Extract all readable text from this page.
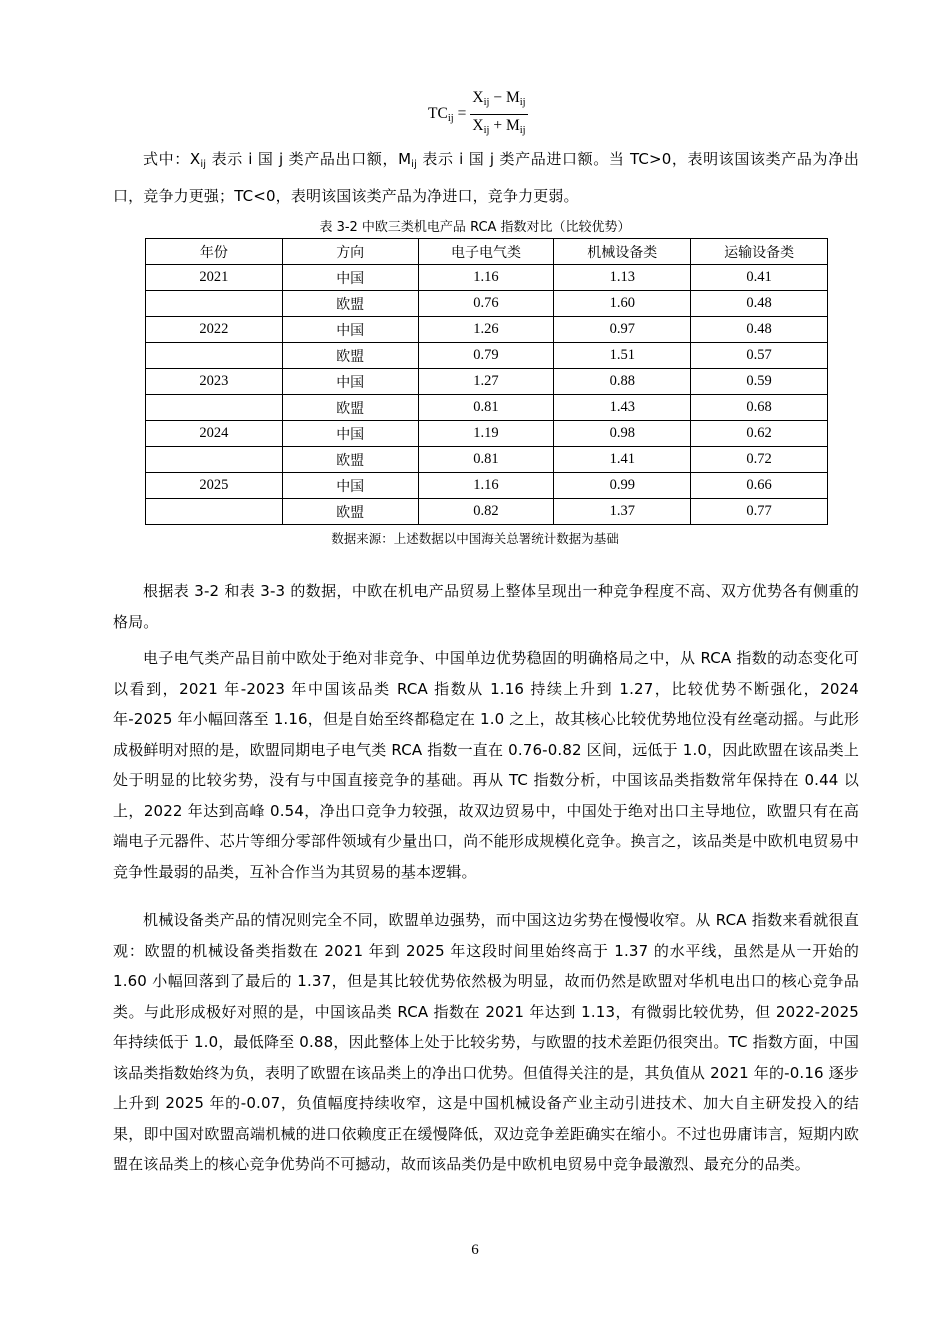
$TC_{ij} = \frac{X_{ij} - M_{ij}}{X_{ij} + M_{ij}}$
式中：$X_{ij}$ 表示 i 国 j 类产品出口额，$M_{ij}$ 表示 i 国 j 类产品进口额。当 TC>0，表明该国该类产品为净出口，竞争力更强；TC<0，表明该国该类产品为净进口，竞争力更弱。
表 3-2 中欧三类机电产品 RCA 指数对比（比较优势）
年份	方向	电子电气类	机械设备类	运输设备类
2021	中国	1.16	1.13	0.41
	欧盟	0.76	1.60	0.48
2022	中国	1.26	0.97	0.48
	欧盟	0.79	1.51	0.57
2023	中国	1.27	0.88	0.59
	欧盟	0.81	1.43	0.68
2024	中国	1.19	0.98	0.62
	欧盟	0.81	1.41	0.72
2025	中国	1.16	0.99	0.66
	欧盟	0.82	1.37	0.77
数据来源：上述数据以中国海关总署统计数据为基础
根据表 3-2 和表 3-3 的数据，中欧在机电产品贸易上整体呈现出一种竞争程度不高、双方优势各有侧重的格局。
电子电气类产品目前中欧处于绝对非竞争、中国单边优势稳固的明确格局之中，从 RCA 指数的动态变化可以看到，2021 年-2023 年中国该品类 RCA 指数从 1.16 持续上升到 1.27，比较优势不断强化，2024 年-2025 年小幅回落至 1.16，但是自始至终都稳定在 1.0 之上，故其核心比较优势地位没有丝毫动摇。与此形成极鲜明对照的是，欧盟同期电子电气类 RCA 指数一直在 0.76-0.82 区间，远低于 1.0，因此欧盟在该品类上处于明显的比较劣势，没有与中国直接竞争的基础。再从 TC 指数分析，中国该品类指数常年保持在 0.44 以上，2022 年达到高峰 0.54，净出口竞争力较强，故双边贸易中，中国处于绝对出口主导地位，欧盟只有在高端电子元器件、芯片等细分零部件领域有少量出口，尚不能形成规模化竞争。换言之，该品类是中欧机电贸易中竞争性最弱的品类，互补合作当为其贸易的基本逻辑。
机械设备类产品的情况则完全不同，欧盟单边强势，而中国这边劣势在慢慢收窄。从 RCA 指数来看就很直观：欧盟的机械设备类指数在 2021 年到 2025 年这段时间里始终高于 1.37 的水平线，虽然是从一开始的 1.60 小幅回落到了最后的 1.37，但是其比较优势依然极为明显，故而仍然是欧盟对华机电出口的核心竞争品类。与此形成极好对照的是，中国该品类 RCA 指数在 2021 年达到 1.13，有微弱比较优势，但 2022-2025 年持续低于 1.0，最低降至 0.88，因此整体上处于比较劣势，与欧盟的技术差距仍很突出。TC 指数方面，中国该品类指数始终为负，表明了欧盟在该品类上的净出口优势。但值得关注的是，其负值从 2021 年的-0.16 逐步上升到 2025 年的-0.07，负值幅度持续收窄，这是中国机械设备产业主动引进技术、加大自主研发投入的结果，即中国对欧盟高端机械的进口依赖度正在缓慢降低，双边竞争差距确实在缩小。不过也毋庸讳言，短期内欧盟在该品类上的核心竞争优势尚不可撼动，故而该品类仍是中欧机电贸易中竞争最激烈、最充分的品类。
6
